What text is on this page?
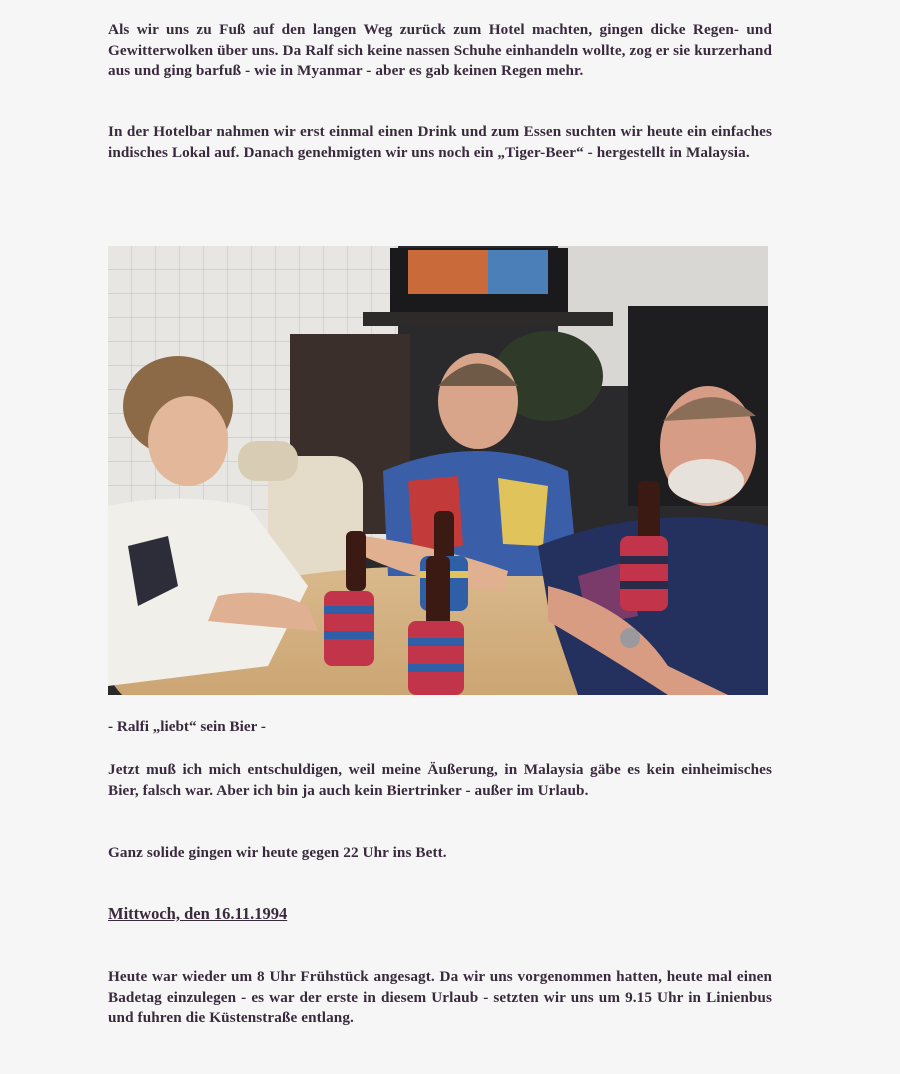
Als wir uns zu Fuß auf den langen Weg zurück zum Hotel machten, gingen dicke Regen- und Gewitterwolken über uns. Da Ralf sich keine nassen Schuhe einhandeln wollte, zog er sie kurzerhand aus und ging barfuß - wie in Myanmar - aber es gab keinen Regen mehr.
In der Hotelbar nahmen wir erst einmal einen Drink und zum Essen suchten wir heute ein einfaches indisches Lokal auf. Danach genehmigten wir uns noch ein „Tiger-Beer“ - hergestellt in Malaysia.
- Ralfi „liebt“ sein Bier -
Jetzt muß ich mich entschuldigen, weil meine Äußerung, in Malaysia gäbe es kein einheimisches Bier, falsch war. Aber ich bin ja auch kein Biertrinker - außer im Urlaub.
Ganz solide gingen wir heute gegen 22 Uhr ins Bett.
Mittwoch, den 16.11.1994
Heute war wieder um 8 Uhr Frühstück angesagt. Da wir uns vorgenommen hatten, heute mal einen Badetag einzulegen - es war der erste in diesem Urlaub - setzten wir uns um 9.15 Uhr in Linienbus und fuhren die Küstenstraße entlang.
